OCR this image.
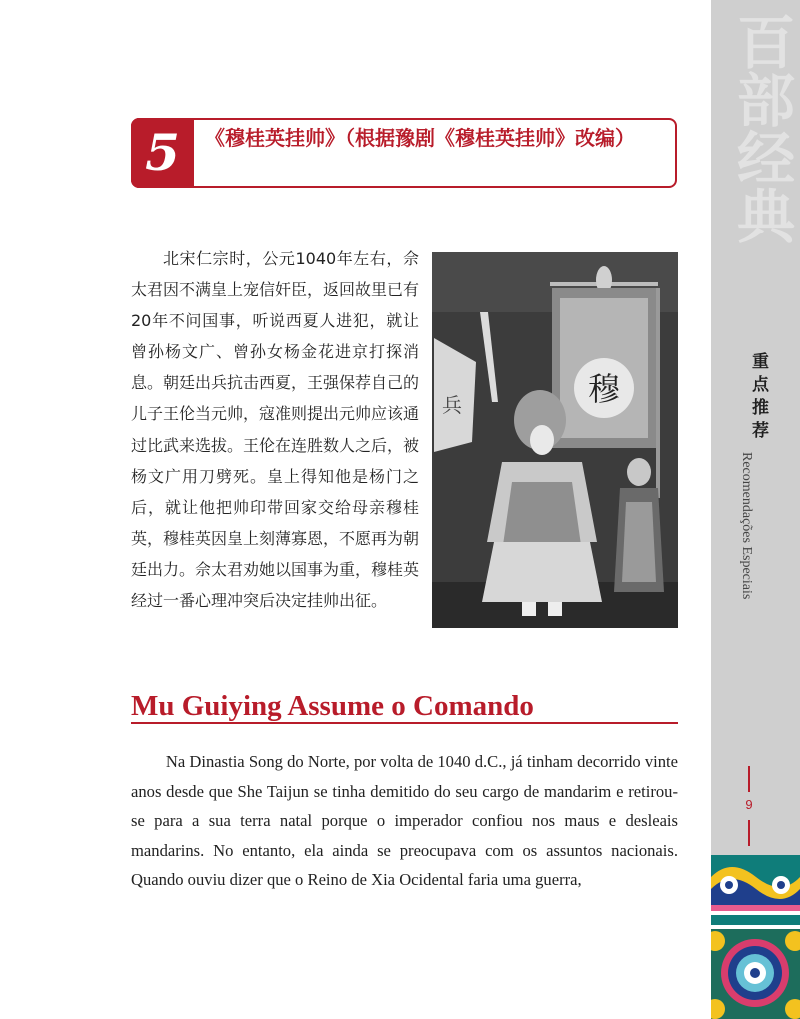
百部经典
重点推荐
Recomendações Especiais
9
5	《穆桂英挂帅》（根据豫剧《穆桂英挂帅》改编）
北宋仁宗时，公元1040年左右，佘太君因不满皇上宠信奸臣，返回故里已有20年不问国事，听说西夏人进犯，就让曾孙杨文广、曾孙女杨金花进京打探消息。朝廷出兵抗击西夏，王强保荐自己的儿子王伦当元帅，寇准则提出元帅应该通过比武来选拔。王伦在连胜数人之后，被杨文广用刀劈死。皇上得知他是杨门之后，就让他把帅印带回家交给母亲穆桂英，穆桂英因皇上刻薄寡恩，不愿再为朝廷出力。佘太君劝她以国事为重，穆桂英经过一番心理冲突后决定挂帅出征。
穆
兵
Mu Guiying Assume o Comando
Na Dinastia Song do Norte, por volta de 1040 d.C., já tinham decorrido vinte anos desde que She Taijun se tinha demitido do seu cargo de mandarim e retirou-se para a sua terra natal porque o imperador confiou nos maus e desleais mandarins. No entanto, ela ainda se preocupava com os assuntos nacionais. Quando ouviu dizer que o Reino de Xia Ocidental faria uma guerra,
